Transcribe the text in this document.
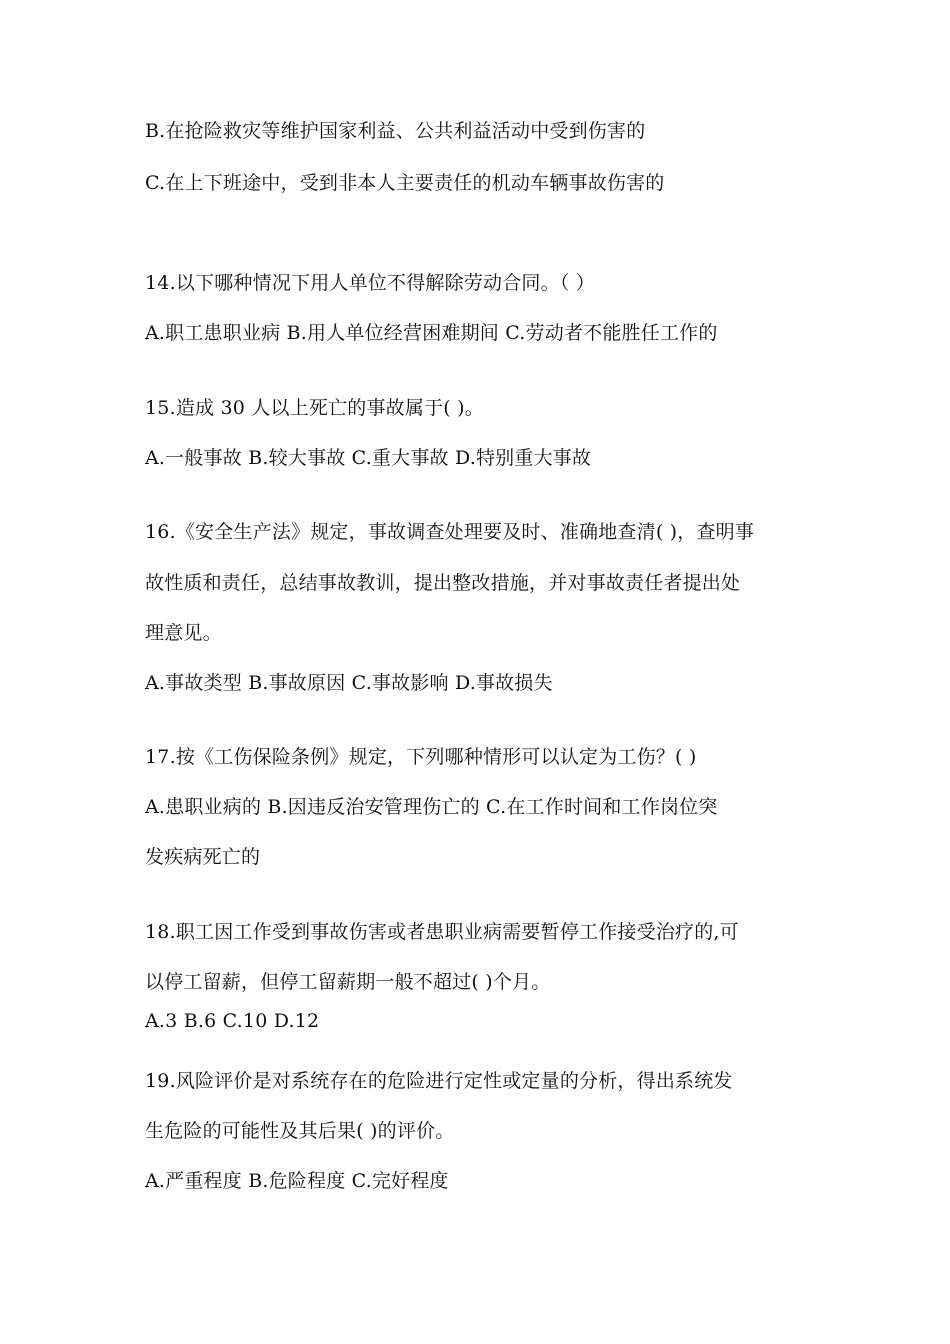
B.在抢险救灾等维护国家利益、公共利益活动中受到伤害的
C.在上下班途中，受到非本人主要责任的机动车辆事故伤害的
14.以下哪种情况下用人单位不得解除劳动合同。（ ）
A.职工患职业病 B.用人单位经营困难期间 C.劳动者不能胜任工作的
15.造成 30 人以上死亡的事故属于( )。
A.一般事故 B.较大事故 C.重大事故 D.特别重大事故
16.《安全生产法》规定，事故调查处理要及时、准确地查清( )，查明事
故性质和责任，总结事故教训，提出整改措施，并对事故责任者提出处
理意见。
A.事故类型 B.事故原因 C.事故影响 D.事故损失
17.按《工伤保险条例》规定，下列哪种情形可以认定为工伤？( )
A.患职业病的 B.因违反治安管理伤亡的 C.在工作时间和工作岗位突
发疾病死亡的
18.职工因工作受到事故伤害或者患职业病需要暂停工作接受治疗的,可
以停工留薪，但停工留薪期一般不超过( )个月。
A.3 B.6 C.10 D.12
19.风险评价是对系统存在的危险进行定性或定量的分析，得出系统发
生危险的可能性及其后果( )的评价。
A.严重程度 B.危险程度 C.完好程度
